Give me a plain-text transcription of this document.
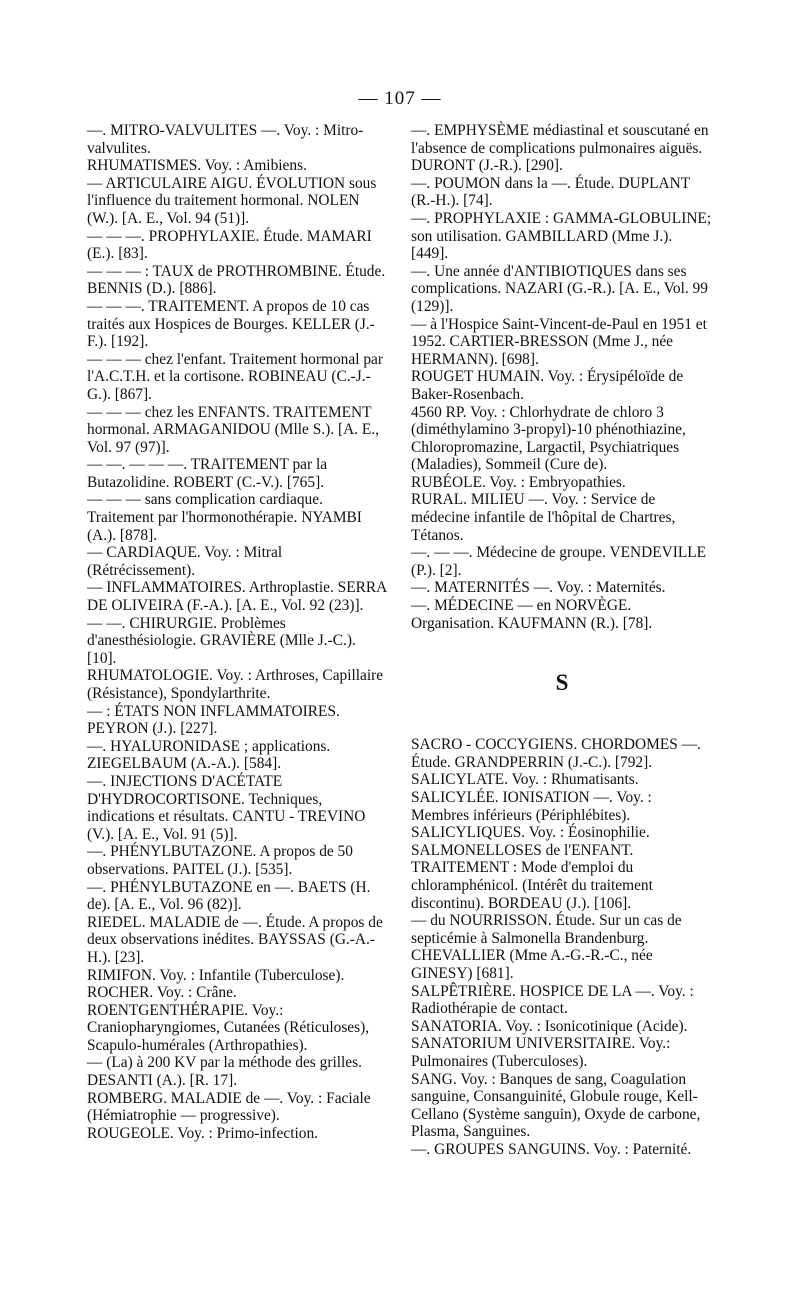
— 107 —

—. MITRO-VALVULITES —. Voy. : Mitro-valvulites.

RHUMATISMES. Voy. : Amibiens.

— ARTICULAIRE AIGU. ÉVOLUTION sous l'influence du traitement hormonal. NOLEN (W.). [A. E., Vol. 94 (51)].

— — —. PROPHYLAXIE. Étude. MAMARI (E.). [83].

— — — : TAUX de PROTHROMBINE. Étude. BENNIS (D.). [886].

— — —. TRAITEMENT. A propos de 10 cas traités aux Hospices de Bourges. KELLER (J.-F.). [192].

— — — chez l'enfant. Traitement hormonal par l'A.C.T.H. et la cortisone. ROBINEAU (C.-J.-G.). [867].

— — — chez les ENFANTS. TRAITEMENT hormonal. ARMAGANIDOU (Mlle S.). [A. E., Vol. 97 (97)].

— —. — — —. TRAITEMENT par la Butazolidine. ROBERT (C.-V.). [765].

— — — sans complication cardiaque. Traitement par l'hormonothérapie. NYAMBI (A.). [878].

— CARDIAQUE. Voy. : Mitral (Rétrécissement).

— INFLAMMATOIRES. Arthroplastie. SERRA DE OLIVEIRA (F.-A.). [A. E., Vol. 92 (23)].

— —. CHIRURGIE. Problèmes d'anesthésiologie. GRAVIÈRE (Mlle J.-C.). [10].

RHUMATOLOGIE. Voy. : Arthroses, Capillaire (Résistance), Spondylarthrite.

— : ÉTATS NON INFLAMMATOIRES. PEYRON (J.). [227].

—. HYALURONIDASE ; applications. ZIEGELBAUM (A.-A.). [584].

—. INJECTIONS D'ACÉTATE D'HYDROCORTISONE. Techniques, indications et résultats. CANTU - TREVINO (V.). [A. E., Vol. 91 (5)].

—. PHÉNYLBUTAZONE. A propos de 50 observations. PAITEL (J.). [535].

—. PHÉNYLBUTAZONE en —. BAETS (H. de). [A. E., Vol. 96 (82)].

RIEDEL. MALADIE de —. Étude. A propos de deux observations inédites. BAYSSAS (G.-A.-H.). [23].

RIMIFON. Voy. : Infantile (Tuberculose).

ROCHER. Voy. : Crâne.

ROENTGENTHÉRAPIE. Voy.: Craniopharyngiomes, Cutanées (Réticuloses), Scapulo-humérales (Arthropathies).

— (La) à 200 KV par la méthode des grilles. DESANTI (A.). [R. 17].

ROMBERG. MALADIE de —. Voy. : Faciale (Hémiatrophie — progressive).

ROUGEOLE. Voy. : Primo-infection.

—. EMPHYSÈME médiastinal et souscutané en l'absence de complications pulmonaires aiguës. DURONT (J.-R.). [290].

—. POUMON dans la —. Étude. DUPLANT (R.-H.). [74].

—. PROPHYLAXIE : GAMMA-GLOBULINE; son utilisation. GAMBILLARD (Mme J.). [449].

—. Une année d'ANTIBIOTIQUES dans ses complications. NAZARI (G.-R.). [A. E., Vol. 99 (129)].

— à l'Hospice Saint-Vincent-de-Paul en 1951 et 1952. CARTIER-BRESSON (Mme J., née HERMANN). [698].

ROUGET HUMAIN. Voy. : Érysipéloïde de Baker-Rosenbach.

4560 RP. Voy. : Chlorhydrate de chloro 3 (diméthylamino 3-propyl)-10 phénothiazine, Chloropromazine, Largactil, Psychiatriques (Maladies), Sommeil (Cure de).

RUBÉOLE. Voy. : Embryopathies.

RURAL. MILIEU —. Voy. : Service de médecine infantile de l'hôpital de Chartres, Tétanos.

—. — —. Médecine de groupe. VENDEVILLE (P.). [2].

—. MATERNITÉS —. Voy. : Maternités.

—. MÉDECINE — en NORVÈGE. Organisation. KAUFMANN (R.). [78].

S

SACRO - COCCYGIENS. CHORDOMES —. Étude. GRANDPERRIN (J.-C.). [792].

SALICYLATE. Voy. : Rhumatisants.

SALICYLÉE. IONISATION —. Voy. : Membres inférieurs (Périphlébites).

SALICYLIQUES. Voy. : Éosinophilie.

SALMONELLOSES de l'ENFANT. TRAITEMENT : Mode d'emploi du chloramphénicol. (Intérêt du traitement discontinu). BORDEAU (J.). [106].

— du NOURRISSON. Étude. Sur un cas de septicémie à Salmonella Brandenburg. CHEVALLIER (Mme A.-G.-R.-C., née GINESY) [681].

SALPÊTRIÈRE. HOSPICE DE LA —. Voy. : Radiothérapie de contact.

SANATORIA. Voy. : Isonicotinique (Acide).

SANATORIUM UNIVERSITAIRE. Voy.: Pulmonaires (Tuberculoses).

SANG. Voy. : Banques de sang, Coagulation sanguine, Consanguinité, Globule rouge, Kell-Cellano (Système sanguin), Oxyde de carbone, Plasma, Sanguines.

—. GROUPES SANGUINS. Voy. : Paternité.
